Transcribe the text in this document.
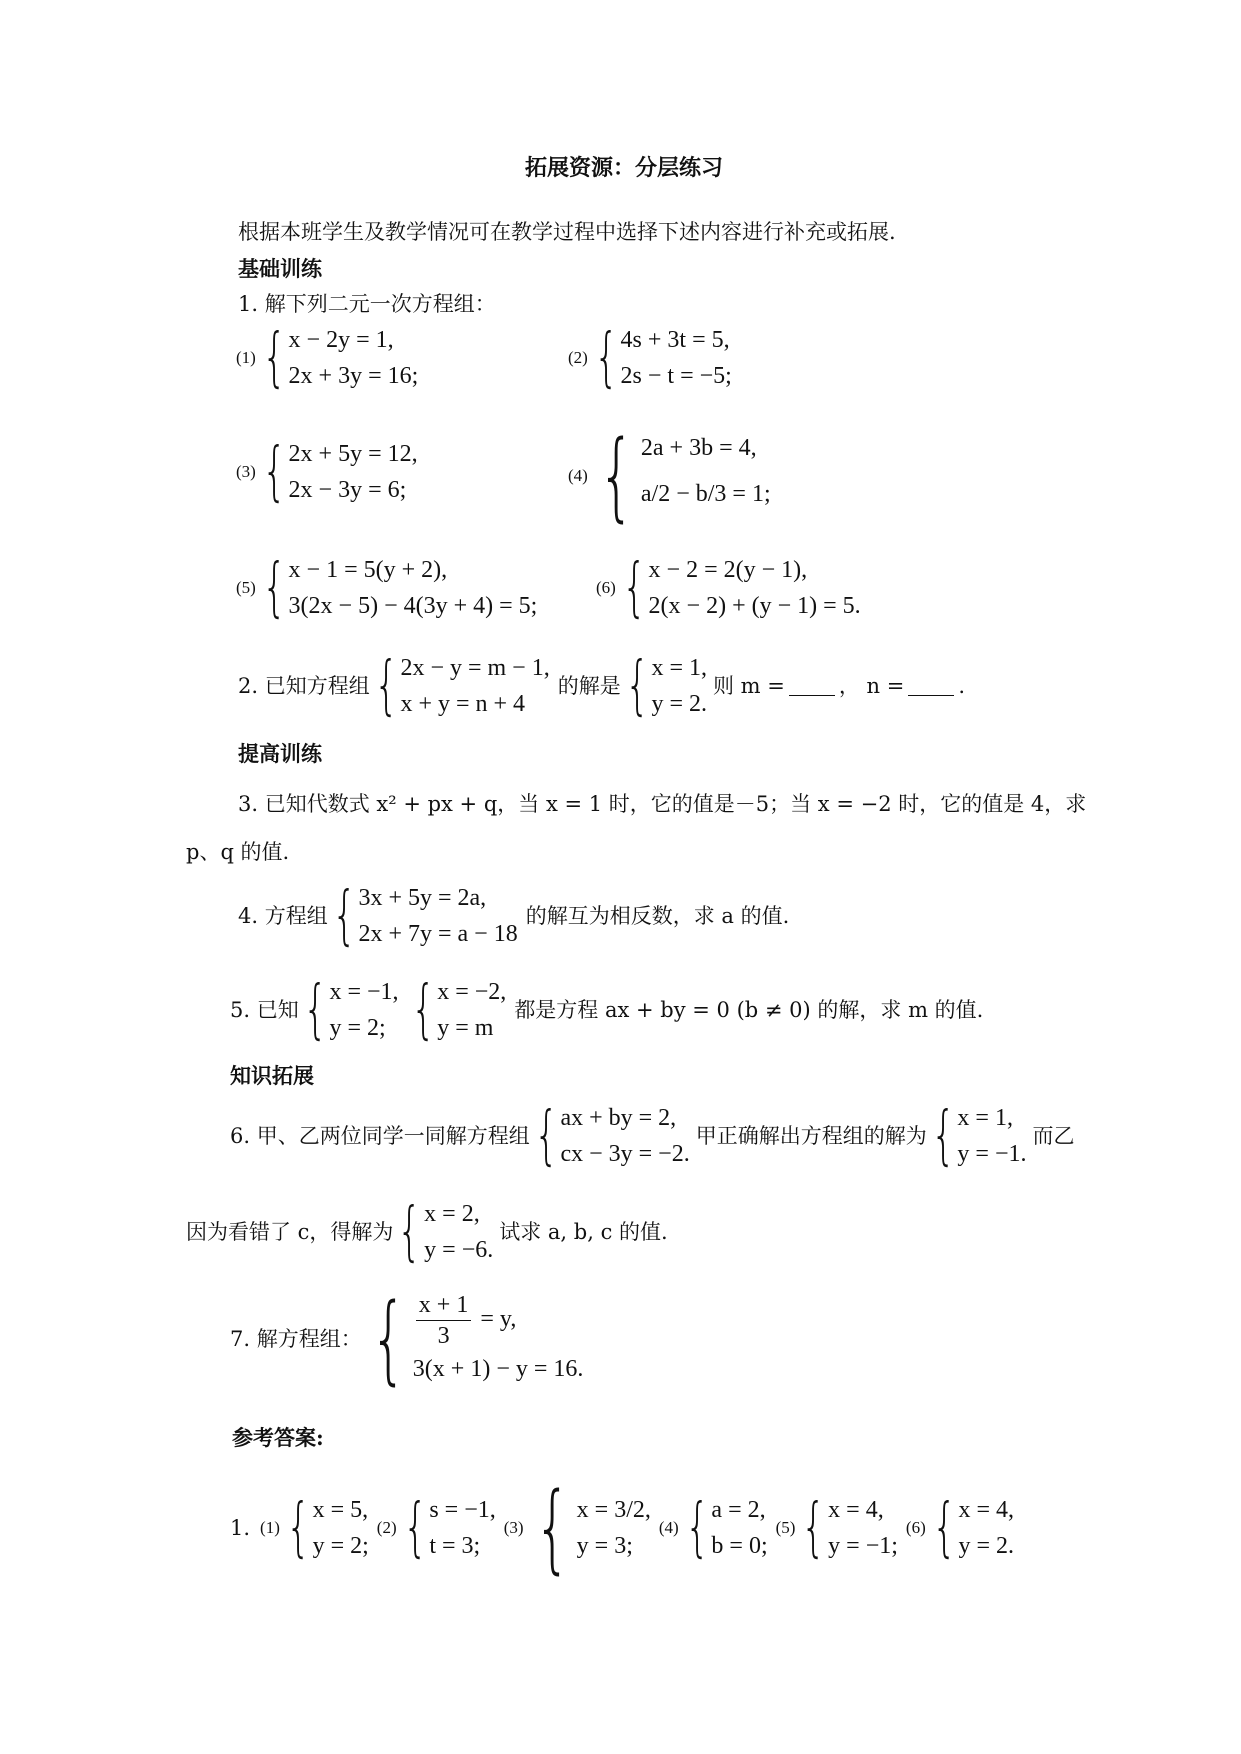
拓展资源：分层练习
根据本班学生及教学情况可在教学过程中选择下述内容进行补充或拓展.
基础训练
1. 解下列二元一次方程组：
(1) { x − 2y = 1,
2x + 3y = 16;
(2) { 4s + 3t = 5,
2s − t = −5;
(3) { 2x + 5y = 12,
2x − 3y = 6;
(4) { 2a + 3b = 4,
a/2 − b/3 = 1;
(5) { x − 1 = 5(y + 2),
3(2x − 5) − 4(3y + 4) = 5;
(6) { x − 2 = 2(y − 1),
2(x − 2) + (y − 1) = 5.
2. 已知方程组 { 2x − y = m − 1,
x + y = n + 4
的解是 { x = 1,
y = 2.
则 m =	， n =	.
提高训练
3. 已知代数式 x² + px + q，当 x = 1 时，它的值是－5；当 x = −2 时，它的值是 4，求
p、q 的值.
4. 方程组 { 3x + 5y = 2a,
2x + 7y = a − 18
的解互为相反数，求 a 的值.
5. 已知 { x = −1,
y = 2; { x = −2,
y = m
都是方程 ax + by = 0 (b ≠ 0) 的解，求 m 的值.
知识拓展
6. 甲、乙两位同学一同解方程组 { ax + by = 2,
cx − 3y = −2.
甲正确解出方程组的解为 { x = 1,
y = −1.
而乙
因为看错了 c，得解为 { x = 2,
y = −6.
试求 a, b, c 的值.
7. 解方程组： { $\frac{x + 1}{3} = y$,
3(x + 1) − y = 16.
参考答案:
1. (1) { x = 5,
y = 2;
(2) { s = −1,
t = 3;
(3) { x = 3/2,
y = 3;
(4) { a = 2,
b = 0;
(5) { x = 4,
y = −1;
(6) { x = 4,
y = 2.
